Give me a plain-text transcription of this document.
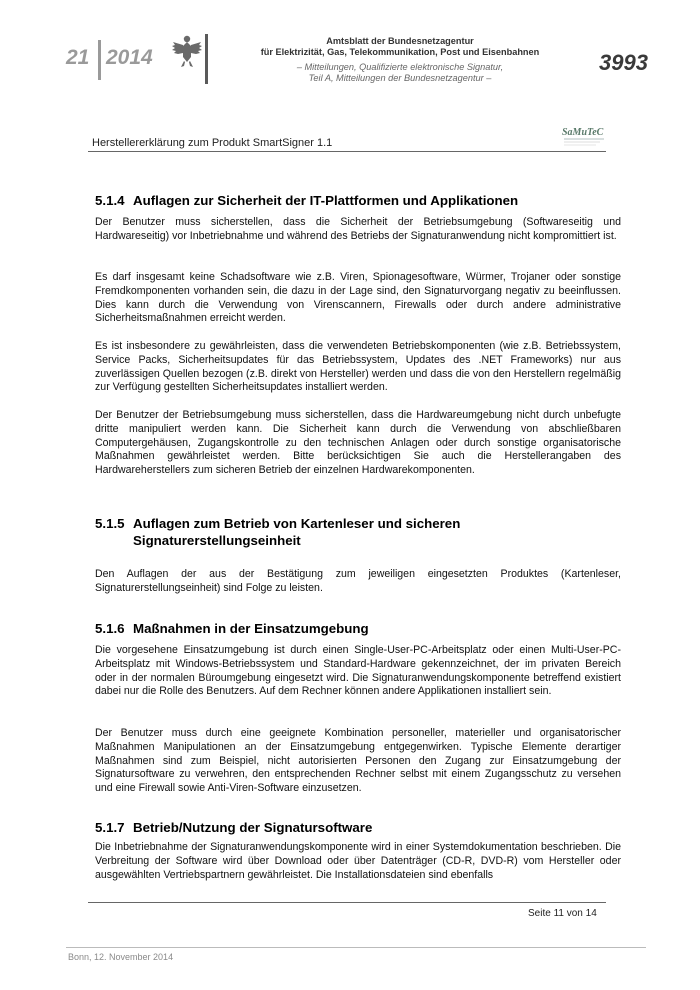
21 2014
Amtsblatt der Bundesnetzagentur
für Elektrizität, Gas, Telekommunikation, Post und Eisenbahnen
– Mitteilungen, Qualifizierte elektronische Signatur,
Teil A, Mitteilungen der Bundesnetzagentur –
3993
Herstellererklärung zum Produkt SmartSigner 1.1
SaMuTeC
5.1.4 Auflagen zur Sicherheit der IT-Plattformen und Applikationen

Der Benutzer muss sicherstellen, dass die Sicherheit der Betriebsumgebung (Softwareseitig und Hardwareseitig) vor Inbetriebnahme und während des Betriebs der Signaturanwendung nicht kompromittiert ist.

Es darf insgesamt keine Schadsoftware wie z.B. Viren, Spionagesoftware, Würmer, Trojaner oder sonstige Fremdkomponenten vorhanden sein, die dazu in der Lage sind, den Signaturvorgang negativ zu beeinflussen. Dies kann durch die Verwendung von Virenscannern, Firewalls oder durch andere administrative Sicherheitsmaßnahmen erreicht werden.

Es ist insbesondere zu gewährleisten, dass die verwendeten Betriebskomponenten (wie z.B. Betriebssystem, Service Packs, Sicherheitsupdates für das Betriebssystem, Updates des .NET Frameworks) nur aus zuverlässigen Quellen bezogen (z.B. direkt von Hersteller) werden und dass die von den Herstellern regelmäßig zur Verfügung gestellten Sicherheitsupdates installiert werden.

Der Benutzer der Betriebsumgebung muss sicherstellen, dass die Hardwareumgebung nicht durch unbefugte dritte manipuliert werden kann. Die Sicherheit kann durch die Verwendung von abschließbaren Computergehäusen, Zugangskontrolle zu den technischen Anlagen oder durch sonstige organisatorische Maßnahmen gewährleistet werden. Bitte berücksichtigen Sie auch die Herstellerangaben des Hardwareherstellers zum sicheren Betrieb der einzelnen Hardwarekomponenten.

5.1.5 Auflagen zum Betrieb von Kartenleser und sicheren
Signaturerstellungseinheit

Den Auflagen der aus der Bestätigung zum jeweiligen eingesetzten Produktes (Kartenleser, Signaturerstellungseinheit) sind Folge zu leisten.

5.1.6 Maßnahmen in der Einsatzumgebung

Die vorgesehene Einsatzumgebung ist durch einen Single-User-PC-Arbeitsplatz oder einen Multi-User-PC-Arbeitsplatz mit Windows-Betriebssystem und Standard-Hardware gekennzeichnet, der im privaten Bereich oder in der normalen Büroumgebung eingesetzt wird. Die Signaturanwendungskomponente betreffend existiert dabei nur die Rolle des Benutzers. Auf dem Rechner können andere Applikationen installiert sein.

Der Benutzer muss durch eine geeignete Kombination personeller, materieller und organisatorischer Maßnahmen Manipulationen an der Einsatzumgebung entgegenwirken. Typische Elemente derartiger Maßnahmen sind zum Beispiel, nicht autorisierten Personen den Zugang zur Einsatzumgebung der Signatursoftware zu verwehren, den entsprechenden Rechner selbst mit einem Zugangsschutz zu versehen und eine Firewall sowie Anti-Viren-Software einzusetzen.

5.1.7 Betrieb/Nutzung der Signatursoftware

Die Inbetriebnahme der Signaturanwendungskomponente wird in einer Systemdokumentation beschrieben. Die Verbreitung der Software wird über Download oder über Datenträger (CD-R, DVD-R) vom Hersteller oder ausgewählten Vertriebspartnern gewährleistet. Die Installationsdateien sind ebenfalls

Seite 11 von 14
Bonn, 12. November 2014
